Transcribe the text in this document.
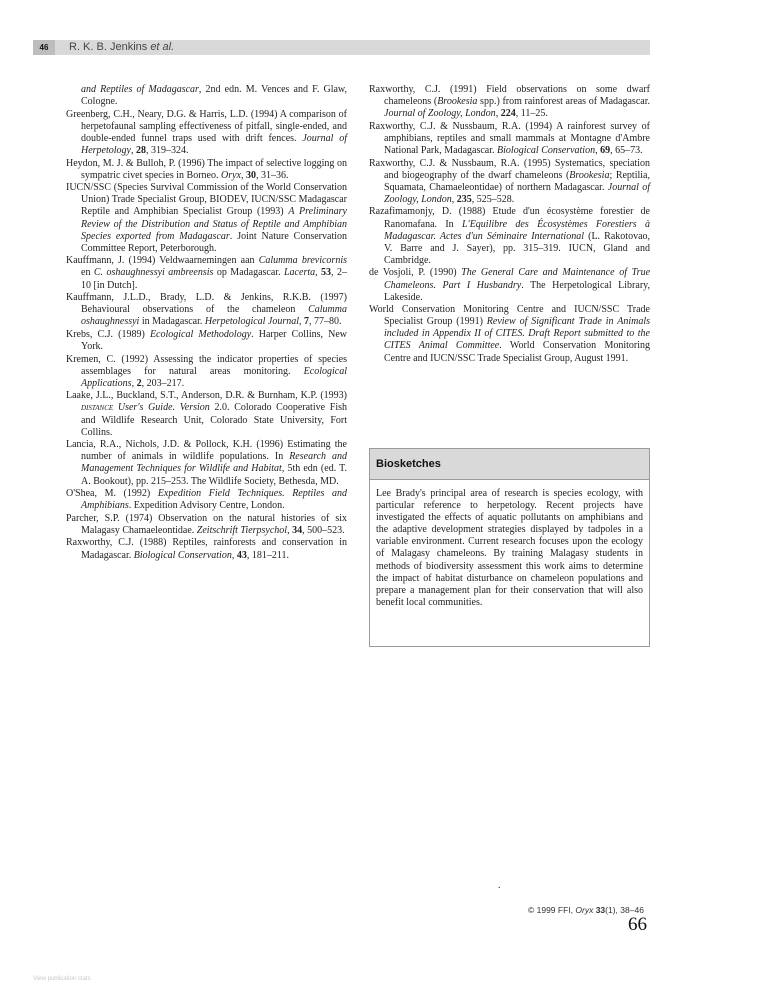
46	R. K. B. Jenkins et al.

and Reptiles of Madagascar, 2nd edn. M. Vences and F. Glaw, Cologne.

Greenberg, C.H., Neary, D.G. & Harris, L.D. (1994) A comparison of herpetofaunal sampling effectiveness of pitfall, single-ended, and double-ended funnel traps used with drift fences. Journal of Herpetology, 28, 319–324.

Heydon, M. J. & Bulloh, P. (1996) The impact of selective logging on sympatric civet species in Borneo. Oryx, 30, 31–36.

IUCN/SSC (Species Survival Commission of the World Conservation Union) Trade Specialist Group, BIODEV, IUCN/SSC Madagascar Reptile and Amphibian Specialist Group (1993) A Preliminary Review of the Distribution and Status of Reptile and Amphibian Species exported from Madagascar. Joint Nature Conservation Committee Report, Peterborough.

Kauffmann, J. (1994) Veldwaarnemingen aan Calumma brevicornis en C. oshaughnessyi ambreensis op Madagascar. Lacerta, 53, 2–10 [in Dutch].

Kauffmann, J.L.D., Brady, L.D. & Jenkins, R.K.B. (1997) Behavioural observations of the chameleon Calumma oshaughnessyi in Madagascar. Herpetological Journal, 7, 77–80.

Krebs, C.J. (1989) Ecological Methodology. Harper Collins, New York.

Kremen, C. (1992) Assessing the indicator properties of species assemblages for natural areas monitoring. Ecological Applications, 2, 203–217.

Laake, J.L., Buckland, S.T., Anderson, D.R. & Burnham, K.P. (1993) distance User's Guide. Version 2.0. Colorado Cooperative Fish and Wildlife Research Unit, Colorado State University, Fort Collins.

Lancia, R.A., Nichols, J.D. & Pollock, K.H. (1996) Estimating the number of animals in wildlife populations. In Research and Management Techniques for Wildlife and Habitat, 5th edn (ed. T. A. Bookout), pp. 215–253. The Wildlife Society, Bethesda, MD.

O'Shea, M. (1992) Expedition Field Techniques. Reptiles and Amphibians. Expedition Advisory Centre, London.

Parcher, S.P. (1974) Observation on the natural histories of six Malagasy Chamaeleontidae. Zeitschrift Tierpsychol, 34, 500–523.

Raxworthy, C.J. (1988) Reptiles, rainforests and conservation in Madagascar. Biological Conservation, 43, 181–211.

Raxworthy, C.J. (1991) Field observations on some dwarf chameleons (Brookesia spp.) from rainforest areas of Madagascar. Journal of Zoology, London, 224, 11–25.

Raxworthy, C.J. & Nussbaum, R.A. (1994) A rainforest survey of amphibians, reptiles and small mammals at Montagne d'Ambre National Park, Madagascar. Biological Conservation, 69, 65–73.

Raxworthy, C.J. & Nussbaum, R.A. (1995) Systematics, speciation and biogeography of the dwarf chameleons (Brookesia; Reptilia, Squamata, Chamaeleontidae) of northern Madagascar. Journal of Zoology, London, 235, 525–528.

Razafimamonjy, D. (1988) Etude d'un écosystème forestier de Ranomafana. In L'Equilibre des Écosystèmes Forestiers à Madagascar. Actes d'un Séminaire International (L. Rakotovao, V. Barre and J. Sayer), pp. 315–319. IUCN, Gland and Cambridge.

de Vosjoli, P. (1990) The General Care and Maintenance of True Chameleons. Part I Husbandry. The Herpetological Library, Lakeside.

World Conservation Monitoring Centre and IUCN/SSC Trade Specialist Group (1991) Review of Significant Trade in Animals included in Appendix II of CITES. Draft Report submitted to the CITES Animal Committee. World Conservation Monitoring Centre and IUCN/SSC Trade Specialist Group, August 1991.

Biosketches
Lee Brady's principal area of research is species ecology, with particular reference to herpetology. Recent projects have investigated the effects of aquatic pollutants on amphibians and the adaptive development strategies displayed by tadpoles in a variable environment. Current research focuses upon the ecology of Malagasy chameleons. By training Malagasy students in methods of biodiversity assessment this work aims to determine the impact of habitat disturbance on chameleon populations and prepare a management plan for their conservation that will also benefit local communities.
.
© 1999 FFI, Oryx 33(1), 38–46
66
View publication stats
